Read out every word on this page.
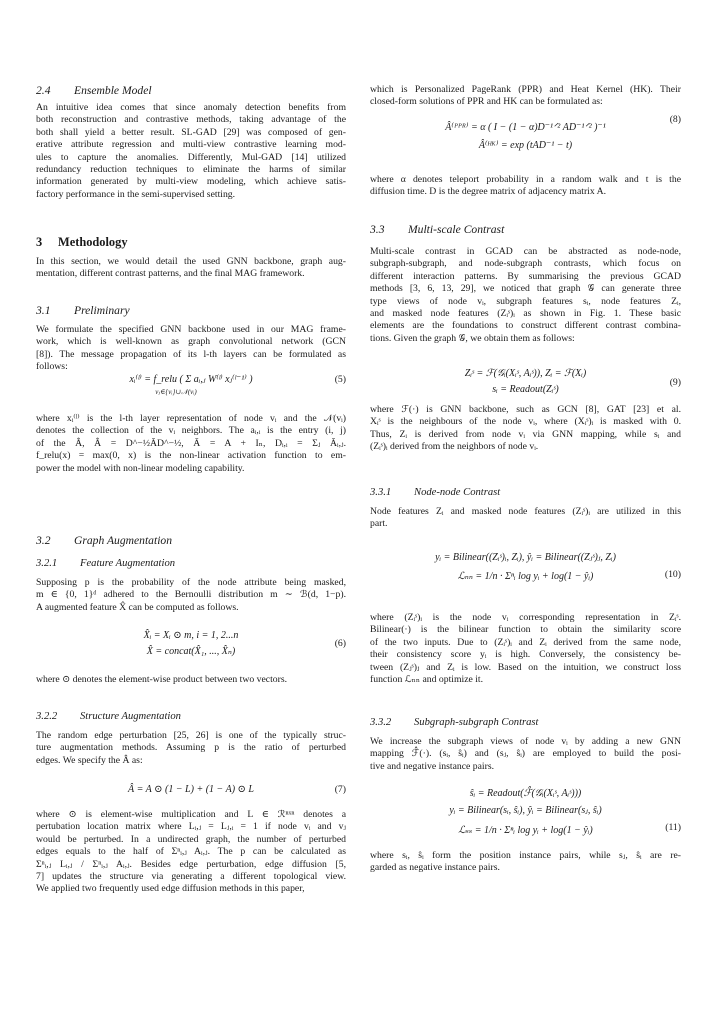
2.4 Ensemble Model
An intuitive idea comes that since anomaly detection benefits from
both reconstruction and contrastive methods, taking advantage of the
both shall yield a better result. SL-GAD [29] was composed of gen-
erative attribute regression and multi-view contrastive learning mod-
ules to capture the anomalies. Differently, Mul-GAD [14] utilized
redundancy reduction techniques to eliminate the harms of similar
information generated by multi-view modeling, which achieve satis-
factory performance in the semi-supervised setting.
3 Methodology
In this section, we would detail the used GNN backbone, graph aug-
mentation, different contrast patterns, and the final MAG framework.
3.1 Preliminary
We formulate the specified GNN backbone used in our MAG frame-
work, which is well-known as graph convolutional network (GCN
[8]). The message propagation of its l-th layers can be formulated as
follows:
xᵢ⁽ˡ⁾ = f_relu ( Σ aᵢ,ⱼ W⁽ˡ⁾ xⱼ⁽ˡ⁻¹⁾ )
vⱼ∈{vᵢ}∪𝒩(vᵢ)
(5)
where xᵢ⁽ˡ⁾ is the l-th layer representation of node vᵢ and the 𝒩(vᵢ)
denotes the collection of the vᵢ neighbors. The aᵢ,ᵢ is the entry (i, j)
of the Â, Â = D^−½ĀD^−½, Ā = A + Iₙ, Dᵢ,ᵢ = Σⱼ Āᵢ,ⱼ.
f_relu(x) = max(0, x) is the non-linear activation function to em-
power the model with non-linear modeling capability.
3.2 Graph Augmentation
3.2.1 Feature Augmentation
Supposing p is the probability of the node attribute being masked,
m ∈ {0, 1}ᵈ adhered to the Bernoulli distribution m ∼ ℬ(d, 1−p).
A augmented feature X̂ can be computed as follows.
X̂ᵢ = Xᵢ ⊙ m, i = 1, 2...n
X̂ = concat(X̂₁, ..., X̂ₙ)
(6)
where ⊙ denotes the element-wise product between two vectors.
3.2.2 Structure Augmentation
The random edge perturbation [25, 26] is one of the typically struc-
ture augmentation methods. Assuming p is the ratio of perturbed
edges. We specify the Â as:
Â = A ⊙ (1 − L) + (1 − A) ⊙ L	(7)
where ⊙ is element-wise multiplication and L ∈ ℛⁿˣⁿ denotes a
pertubation location matrix where Lᵢ,ⱼ = Lⱼ,ᵢ = 1 if node vᵢ and vⱼ
would be perturbed. In a undirected graph, the number of perturbed
edges equals to the half of Σⁿᵢ,ⱼ Aᵢ,ⱼ. The p can be calculated as
Σⁿᵢ,ⱼ Lᵢ,ⱼ / Σⁿᵢ,ⱼ Aᵢ,ⱼ. Besides edge perturbation, edge diffusion [5,
7] updates the structure via generating a different topological view.
We applied two frequently used edge diffusion methods in this paper,
which is Personalized PageRank (PPR) and Heat Kernel (HK). Their
closed-form solutions of PPR and HK can be formulated as:
Â⁽ᴾᴾᴿ⁾ = α ( I − (1 − α)D⁻¹ᐟ² AD⁻¹ᐟ² )⁻¹
Â⁽ᴴᴷ⁾ = exp (tAD⁻¹ − t)
(8)
where α denotes teleport probability in a random walk and t is the
diffusion time. D is the degree matrix of adjacency matrix A.
3.3 Multi-scale Contrast
Multi-scale contrast in GCAD can be abstracted as node-node,
subgraph-subgraph, and node-subgraph contrasts, which focus on
different interaction patterns. By summarising the previous GCAD
methods [3, 6, 13, 29], we noticed that graph 𝒢 can generate three
type views of node vᵢ, subgraph features sᵢ, node features Zᵢ,
and masked node features (Zᵢˢ)ᵢ as shown in Fig. 1. These basic
elements are the foundations to construct different contrast combina-
tions. Given the graph 𝒢, we obtain them as follows:
Zᵢˢ = ℱ(𝒢ᵢ(Xᵢˢ, Aᵢˢ)), Zᵢ = ℱ(Xᵢ)
sᵢ = Readout(Zᵢˢ)
(9)
where ℱ(·) is GNN backbone, such as GCN [8], GAT [23] et al.
Xᵢˢ is the neighbours of the node vᵢ, where (Xᵢˢ)ᵢ is masked with 0.
Thus, Zᵢ is derived from node vᵢ via GNN mapping, while sᵢ and
(Zᵢˢ)ᵢ derived from the neighbors of node vᵢ.
3.3.1 Node-node Contrast
Node features Zᵢ and masked node features (Zᵢˢ)ᵢ are utilized in this
part.
yᵢ = Bilinear((Zᵢˢ)ᵢ, Zᵢ), ŷᵢ = Bilinear((Zⱼˢ)ⱼ, Zᵢ)
ℒₙₙ = 1/n · Σⁿᵢ log yᵢ + log(1 − ŷᵢ)	(10)
where (Zᵢˢ)ᵢ is the node vᵢ corresponding representation in Zᵢˢ.
Bilinear(·) is the bilinear function to obtain the similarity score
of the two inputs. Due to (Zᵢˢ)ᵢ and Zᵢ derived from the same node,
their consistency score yᵢ is high. Conversely, the consistency be-
tween (Zⱼˢ)ⱼ and Zᵢ is low. Based on the intuition, we construct loss
function ℒₙₙ and optimize it.
3.3.2 Subgraph-subgraph Contrast
We increase the subgraph views of node vᵢ by adding a new GNN
mapping ℱ̂(·). (sᵢ, ŝᵢ) and (sⱼ, ŝᵢ) are employed to build the posi-
tive and negative instance pairs.
ŝᵢ = Readout(ℱ̂(𝒢ᵢ(Xᵢˢ, Aᵢˢ)))
yᵢ = Bilinear(sᵢ, ŝᵢ), ŷᵢ = Bilinear(sⱼ, ŝᵢ)
ℒₛₛ = 1/n · Σⁿᵢ log yᵢ + log(1 − ŷᵢ)	(11)
where sᵢ, ŝᵢ form the position instance pairs, while sⱼ, ŝᵢ are re-
garded as negative instance pairs.
